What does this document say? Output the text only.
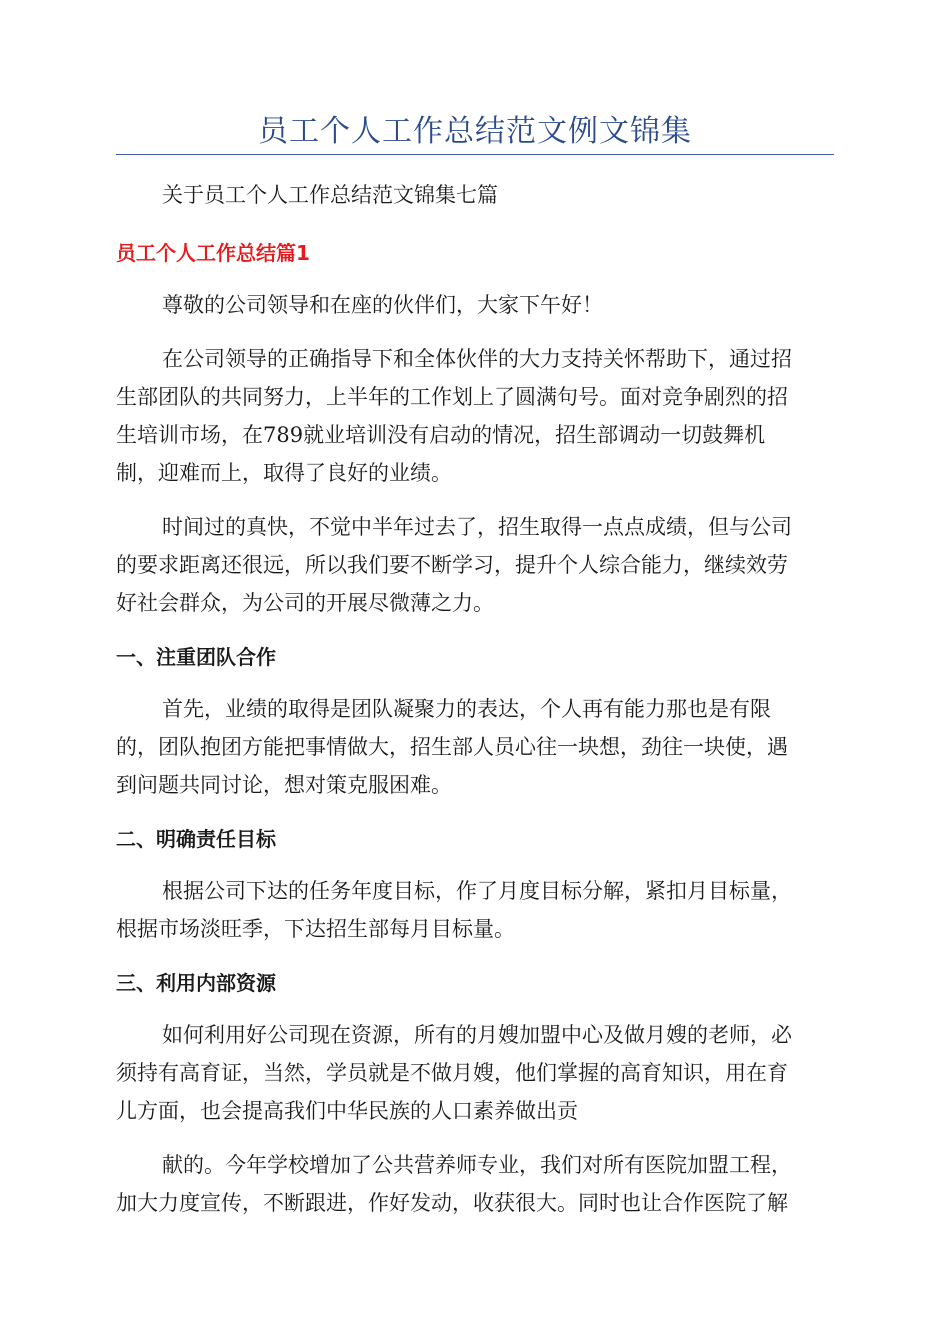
员工个人工作总结范文例文锦集

关于员工个人工作总结范文锦集七篇

员工个人工作总结篇1

尊敬的公司领导和在座的伙伴们，大家下午好！

在公司领导的正确指导下和全体伙伴的大力支持关怀帮助下，通过招
生部团队的共同努力，上半年的工作划上了圆满句号。面对竞争剧烈的招
生培训市场，在789就业培训没有启动的情况，招生部调动一切鼓舞机
制，迎难而上，取得了良好的业绩。

时间过的真快，不觉中半年过去了，招生取得一点点成绩，但与公司
的要求距离还很远，所以我们要不断学习，提升个人综合能力，继续效劳
好社会群众，为公司的开展尽微薄之力。

一、注重团队合作

首先，业绩的取得是团队凝聚力的表达，个人再有能力那也是有限
的，团队抱团方能把事情做大，招生部人员心往一块想，劲往一块使，遇
到问题共同讨论，想对策克服困难。

二、明确责任目标

根据公司下达的任务年度目标，作了月度目标分解，紧扣月目标量，
根据市场淡旺季，下达招生部每月目标量。

三、利用内部资源

如何利用好公司现在资源，所有的月嫂加盟中心及做月嫂的老师，必
须持有高育证，当然，学员就是不做月嫂，他们掌握的高育知识，用在育
儿方面，也会提高我们中华民族的人口素养做出贡

献的。今年学校增加了公共营养师专业，我们对所有医院加盟工程，
加大力度宣传，不断跟进，作好发动，收获很大。同时也让合作医院了解
